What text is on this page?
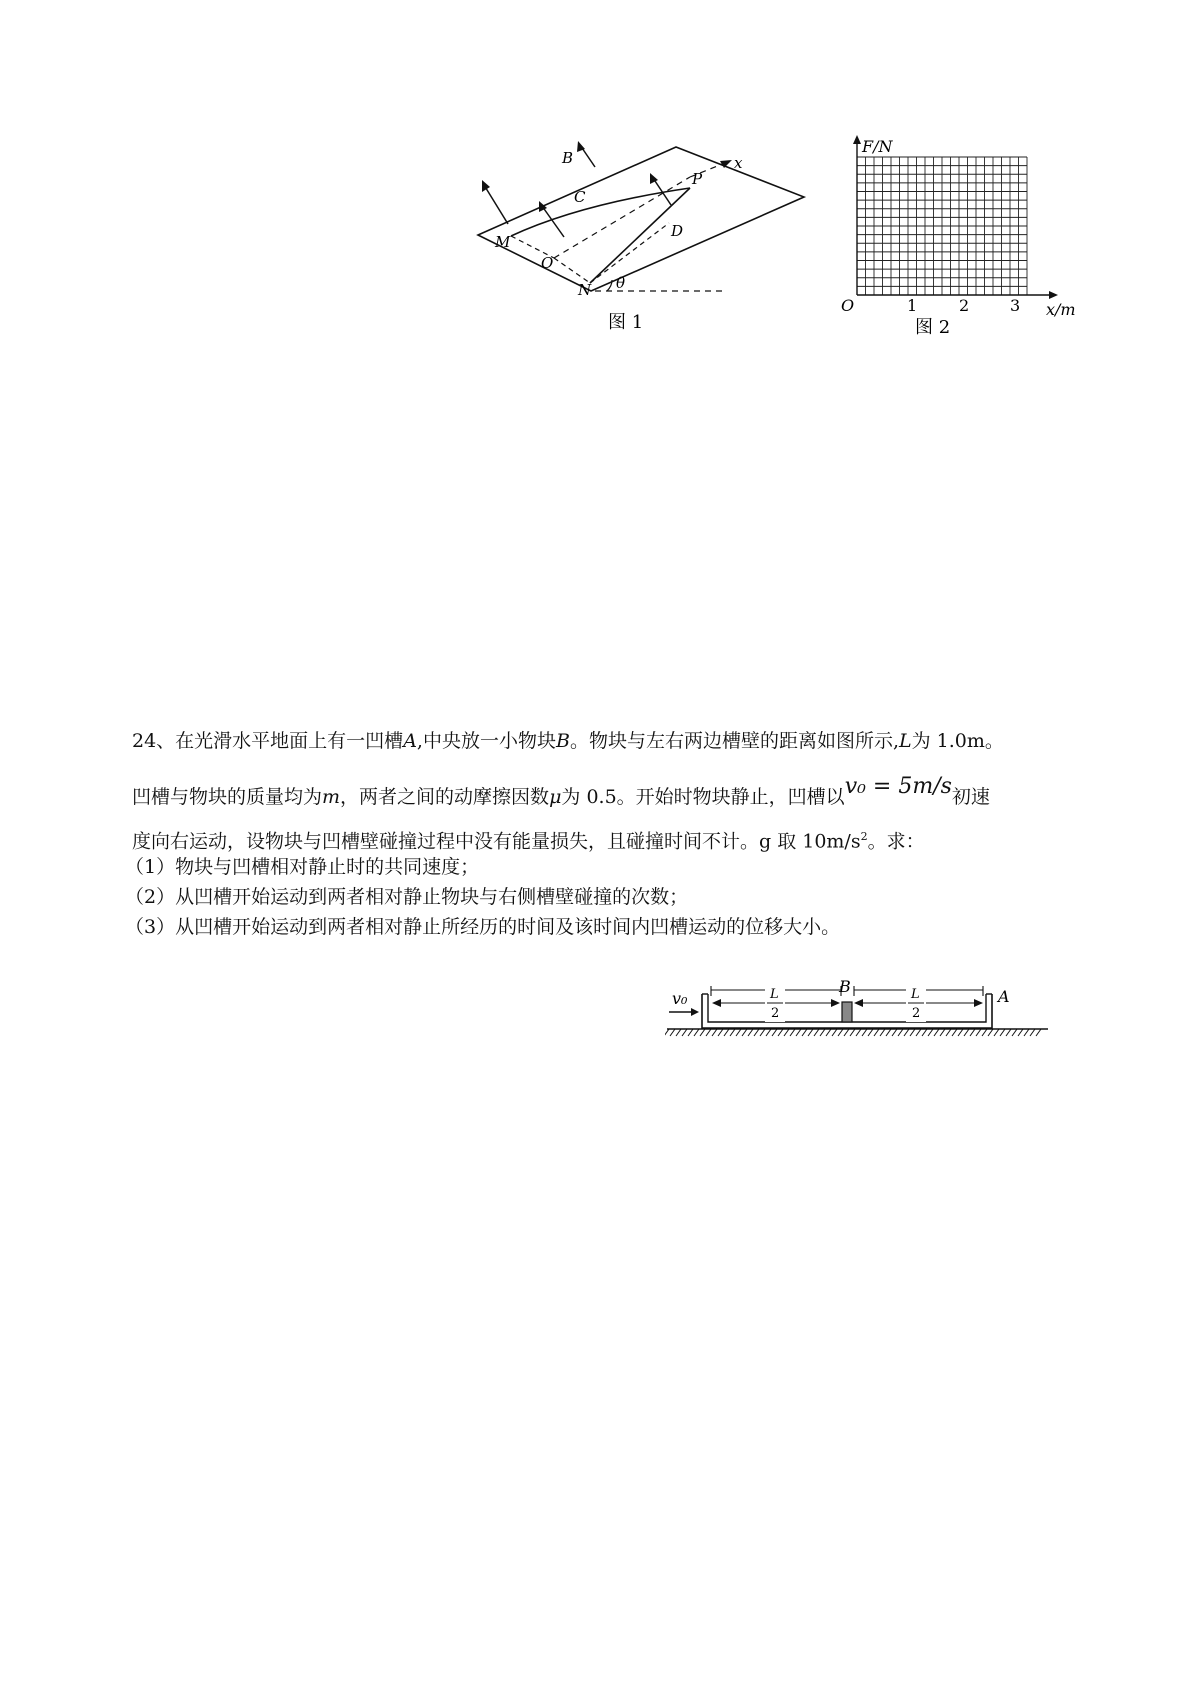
B
C
x
P
D
M
O
N θ
图 1
F/N
x/m
O	1	2	3
图 2
24、在光滑水平地面上有一凹槽A,中央放一小物块B。物块与左右两边槽壁的距离如图所示,L为 1.0m。
凹槽与物块的质量均为m，两者之间的动摩擦因数μ为 0.5。开始时物块静止，凹槽以v₀ = 5m/s初速
度向右运动，设物块与凹槽壁碰撞过程中没有能量损失，且碰撞时间不计。g 取 $10m/s^2$。求：
（1）物块与凹槽相对静止时的共同速度；
（2）从凹槽开始运动到两者相对静止物块与右侧槽壁碰撞的次数；
（3）从凹槽开始运动到两者相对静止所经历的时间及该时间内凹槽运动的位移大小。
L
2
L
2
B
A
v₀
